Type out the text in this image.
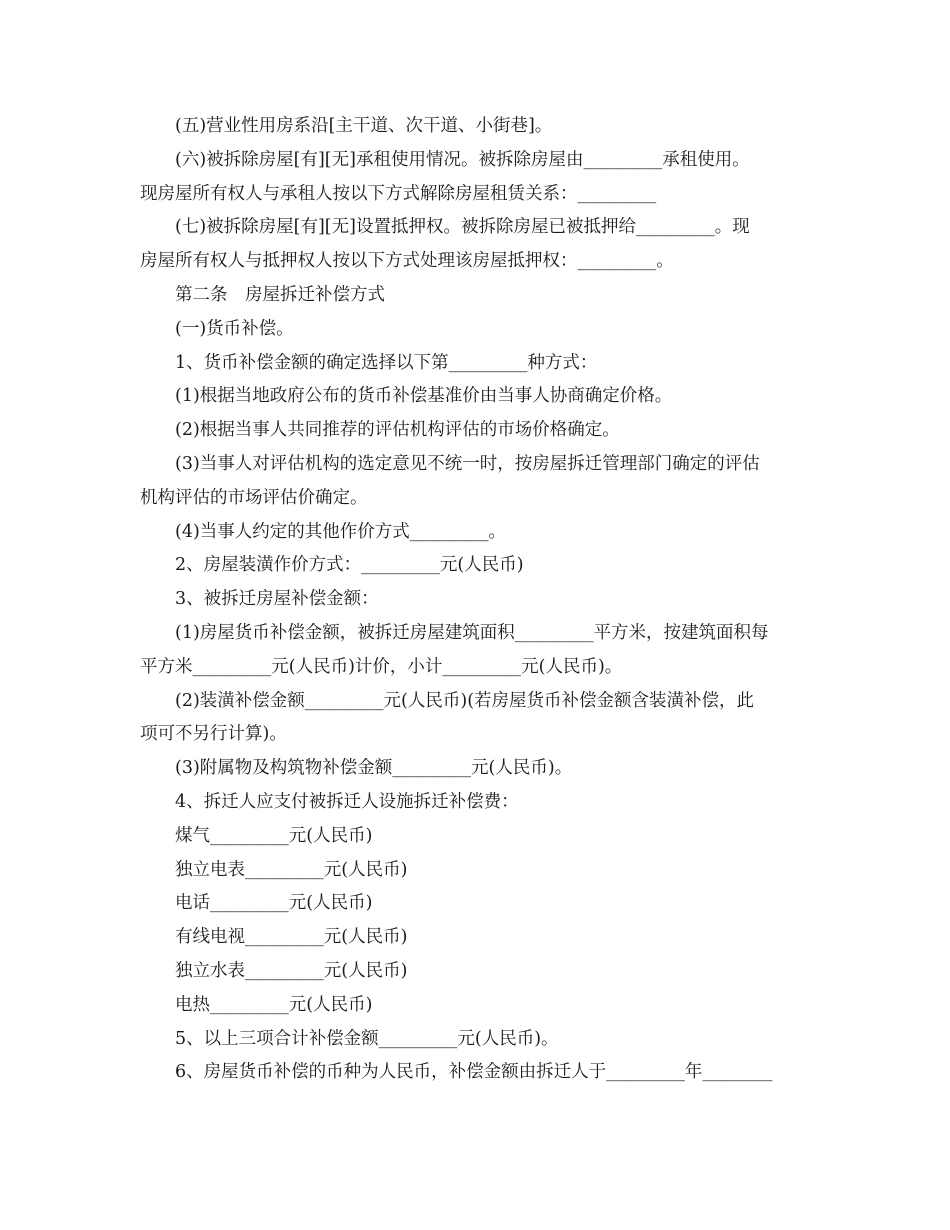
(五)营业性用房系沿[主干道、次干道、小街巷]。
(六)被拆除房屋[有][无]承租使用情况。被拆除房屋由_________承租使用。
现房屋所有权人与承租人按以下方式解除房屋租赁关系：_________
(七)被拆除房屋[有][无]设置抵押权。被拆除房屋已被抵押给_________。现
房屋所有权人与抵押权人按以下方式处理该房屋抵押权：_________。
第二条　房屋拆迁补偿方式
(一)货币补偿。
1、货币补偿金额的确定选择以下第_________种方式：
(1)根据当地政府公布的货币补偿基准价由当事人协商确定价格。
(2)根据当事人共同推荐的评估机构评估的市场价格确定。
(3)当事人对评估机构的选定意见不统一时，按房屋拆迁管理部门确定的评估
机构评估的市场评估价确定。
(4)当事人约定的其他作价方式_________。
2、房屋装潢作价方式：_________元(人民币)
3、被拆迁房屋补偿金额：
(1)房屋货币补偿金额，被拆迁房屋建筑面积_________平方米，按建筑面积每
平方米_________元(人民币)计价，小计_________元(人民币)。
(2)装潢补偿金额_________元(人民币)(若房屋货币补偿金额含装潢补偿，此
项可不另行计算)。
(3)附属物及构筑物补偿金额_________元(人民币)。
4、拆迁人应支付被拆迁人设施拆迁补偿费：
煤气_________元(人民币)
独立电表_________元(人民币)
电话_________元(人民币)
有线电视_________元(人民币)
独立水表_________元(人民币)
电热_________元(人民币)
5、以上三项合计补偿金额_________元(人民币)。
6、房屋货币补偿的币种为人民币，补偿金额由拆迁人于_________年________
